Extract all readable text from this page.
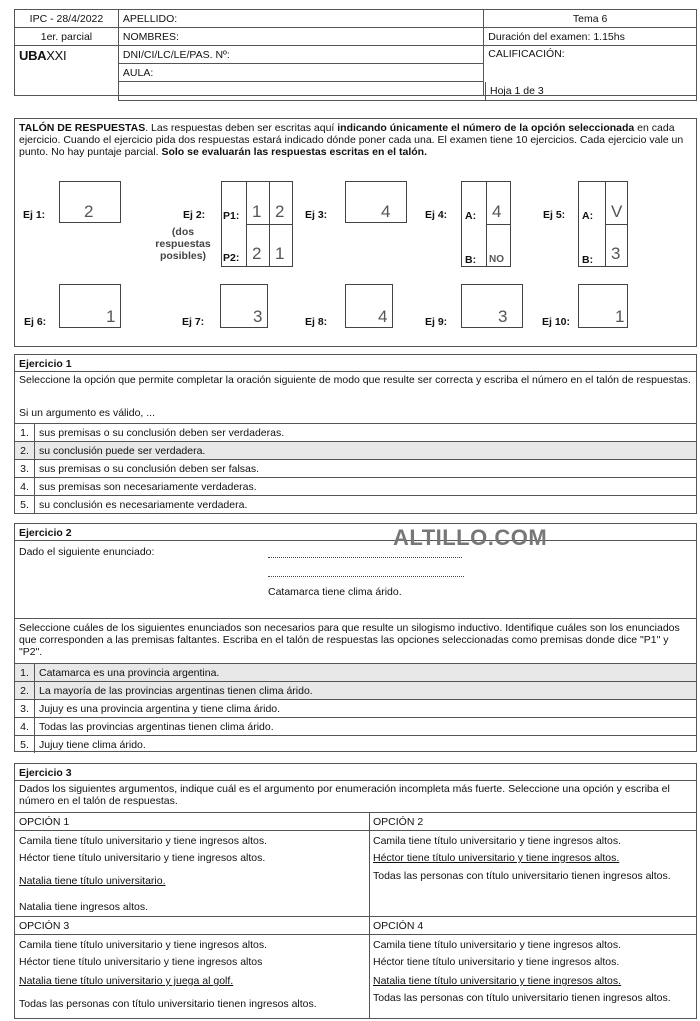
IPC - 28/4/2022	APELLIDO:	Tema 6
1er. parcial	NOMBRES:	Duración del examen: 1.15hs
UBAXXI	DNI/CI/LC/LE/PAS. Nº:	CALIFICACIÓN:
	AULA:	

Hoja 1 de 3
TALÓN DE RESPUESTAS. Las respuestas deben ser escritas aquí indicando únicamente el número de la opción seleccionada en cada ejercicio. Cuando el ejercicio pida dos respuestas estará indicado dónde poner cada una. El examen tiene 10 ejercicios. Cada ejercicio vale un punto. No hay puntaje parcial. Solo se evaluarán las respuestas escritas en el talón.
Ej 1: 2	Ej 2:
(dos
respuestas
posibles)
P1: 1 2
P2: 2 1
Ej 3:	4	Ej 4: A: 4
B: NO
Ej 5: A: V
B: 3
Ej 6:	1	Ej 7:	3	Ej 8:	4	Ej 9:	3	Ej 10:	1
Ejercicio 1
Seleccione la opción que permite completar la oración siguiente de modo que resulte ser correcta y escriba el número en el talón de respuestas.
Si un argumento es válido, ...
1. sus premisas o su conclusión deben ser verdaderas.
2. su conclusión puede ser verdadera.
3. sus premisas o su conclusión deben ser falsas.
4. sus premisas son necesariamente verdaderas.
5. su conclusión es necesariamente verdadera.
Ejercicio 2
Dado el siguiente enunciado:
Catamarca tiene clima árido.
Seleccione cuáles de los siguientes enunciados son necesarios para que resulte un silogismo inductivo. Identifique cuáles son los enunciados que corresponden a las premisas faltantes. Escriba en el talón de respuestas las opciones seleccionadas como premisas donde dice "P1" y "P2".
1. Catamarca es una provincia argentina.
2. La mayoría de las provincias argentinas tienen clima árido.
3. Jujuy es una provincia argentina y tiene clima árido.
4. Todas las provincias argentinas tienen clima árido.
5. Jujuy tiene clima árido.
ALTILLO.COM
Ejercicio 3
Dados los siguientes argumentos, indique cuál es el argumento por enumeración incompleta más fuerte. Seleccione una opción y escriba el número en el talón de respuestas.
OPCIÓN 1
Camila tiene título universitario y tiene ingresos altos.
Héctor tiene título universitario y tiene ingresos altos.
Natalia tiene título universitario.
Natalia tiene ingresos altos.
OPCIÓN 2
Camila tiene título universitario y tiene ingresos altos.
Héctor tiene título universitario y tiene ingresos altos.
Todas las personas con título universitario tienen ingresos altos.
OPCIÓN 3
Camila tiene título universitario y tiene ingresos altos.
Héctor tiene título universitario y tiene ingresos altos
Natalia tiene título universitario y juega al golf.
Todas las personas con título universitario tienen ingresos altos.
OPCIÓN 4
Camila tiene título universitario y tiene ingresos altos.
Héctor tiene título universitario y tiene ingresos altos.
Natalia tiene título universitario y tiene ingresos altos.
Todas las personas con título universitario tienen ingresos altos.
